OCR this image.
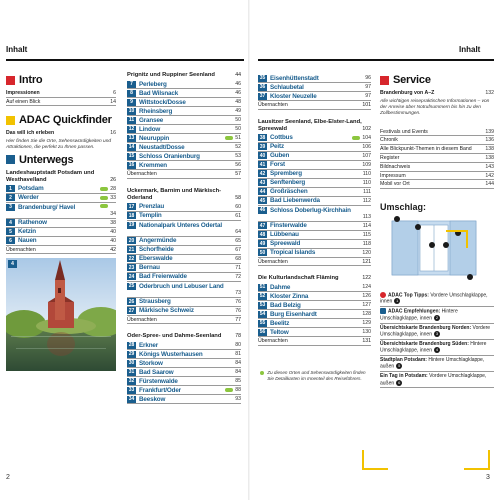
Inhalt
Intro
Impressionen	6
Auf einen Blick	14
ADAC Quickfinder
Das will ich erleben	16
Hier finden Sie die Orte, Sehenswürdigkeiten und Attraktionen, die perfekt zu Ihnen passen.
Unterwegs
Landeshauptstadt Potsdam und Westhavelland	26
1 Potsdam	28
2 Werder	33
3 Brandenburg/ Havel
34
4 Rathenow	38
5 Ketzin	40
6 Nauen	40
Übernachten	42
4
Prignitz und Ruppiner Seenland	44
7 Perleberg	46
8 Bad Wilsnack	46
9 Wittstock/Dosse	48
10 Rheinsberg	49
11 Gransee	50
12 Lindow	50
13 Neuruppin	51
14 Neustadt/Dosse	52
15 Schloss Oranienburg	53
16 Kremmen	56
Übernachten	57
Uckermark, Barnim und Märkisch-Oderland	58
17 Prenzlau	60
18 Templin	61
19 Nationalpark Unteres Odertal
64
20 Angermünde	65
21 Schorfheide	67
22 Eberswalde	68
23 Bernau	71
24 Bad Freienwalde	72
25 Oderbruch und Lebuser Land
73
26 Strausberg	76
27 Märkische Schweiz	76
Übernachten	77
Oder-Spree- und Dahme-Seenland	78
28 Erkner	80
29 Königs Wusterhausen	81
30 Storkow	84
31 Bad Saarow	84
32 Fürstenwalde	85
33 Frankfurt/Oder	88
34 Beeskow	93
2
Inhalt
35 Eisenhüttenstadt	96
36 Schlaubetal	97
37 Kloster Neuzelle	97
Übernachten	101
Lausitzer Seenland, Elbe-Elster-Land, Spreewald	102
38 Cottbus	104
39 Peitz	106
40 Guben	107
41 Forst	109
42 Spremberg	110
43 Senftenberg	110
44 Großräschen	111
45 Bad Liebenwerda	112
46 Schloss Doberlug-Kirchhain
113
47 Finsterwalde	114
48 Lübbenau	115
49 Spreewald	118
50 Tropical Islands	120
Übernachten	121
Die Kulturlandschaft Fläming	122
51 Dahme	124
52 Kloster Zinna	126
53 Bad Belzig	127
54 Burg Eisenhardt	128
55 Beelitz	129
56 Teltow	130
Übernachten	131
Zu diesen Orten und Sehenswürdigkeiten finden Sie Detailkarten im Innenteil des Reiseführers.
Service
Brandenburg von A–Z	132
Alle wichtigen reisepraktischen Informationen – von der Anreise über Notrufnummern bis hin zu den Zollbestimmungen.
Festivals und Events	139
Chronik	136
Alle Blickpunkt-Themen in diesem Band	138
Register	138
Bildnachweis	143
Impressum	142
Mobil vor Ort	144
Umschlag:
ADAC Top Tipps: Vordere Umschlagklappe, innen 1
ADAC Empfehlungen: Hintere Umschlagklappe, innen 2
Übersichtskarte Brandenburg Norden: Vordere Umschlagklappe, innen 3
Übersichtskarte Brandenburg Süden: Hintere Umschlagklappe, innen 4
Stadtplan Potsdam: Hintere Umschlagklappe, außen 5
Ein Tag in Potsdam: Vordere Umschlagklappe, außen 6
3
